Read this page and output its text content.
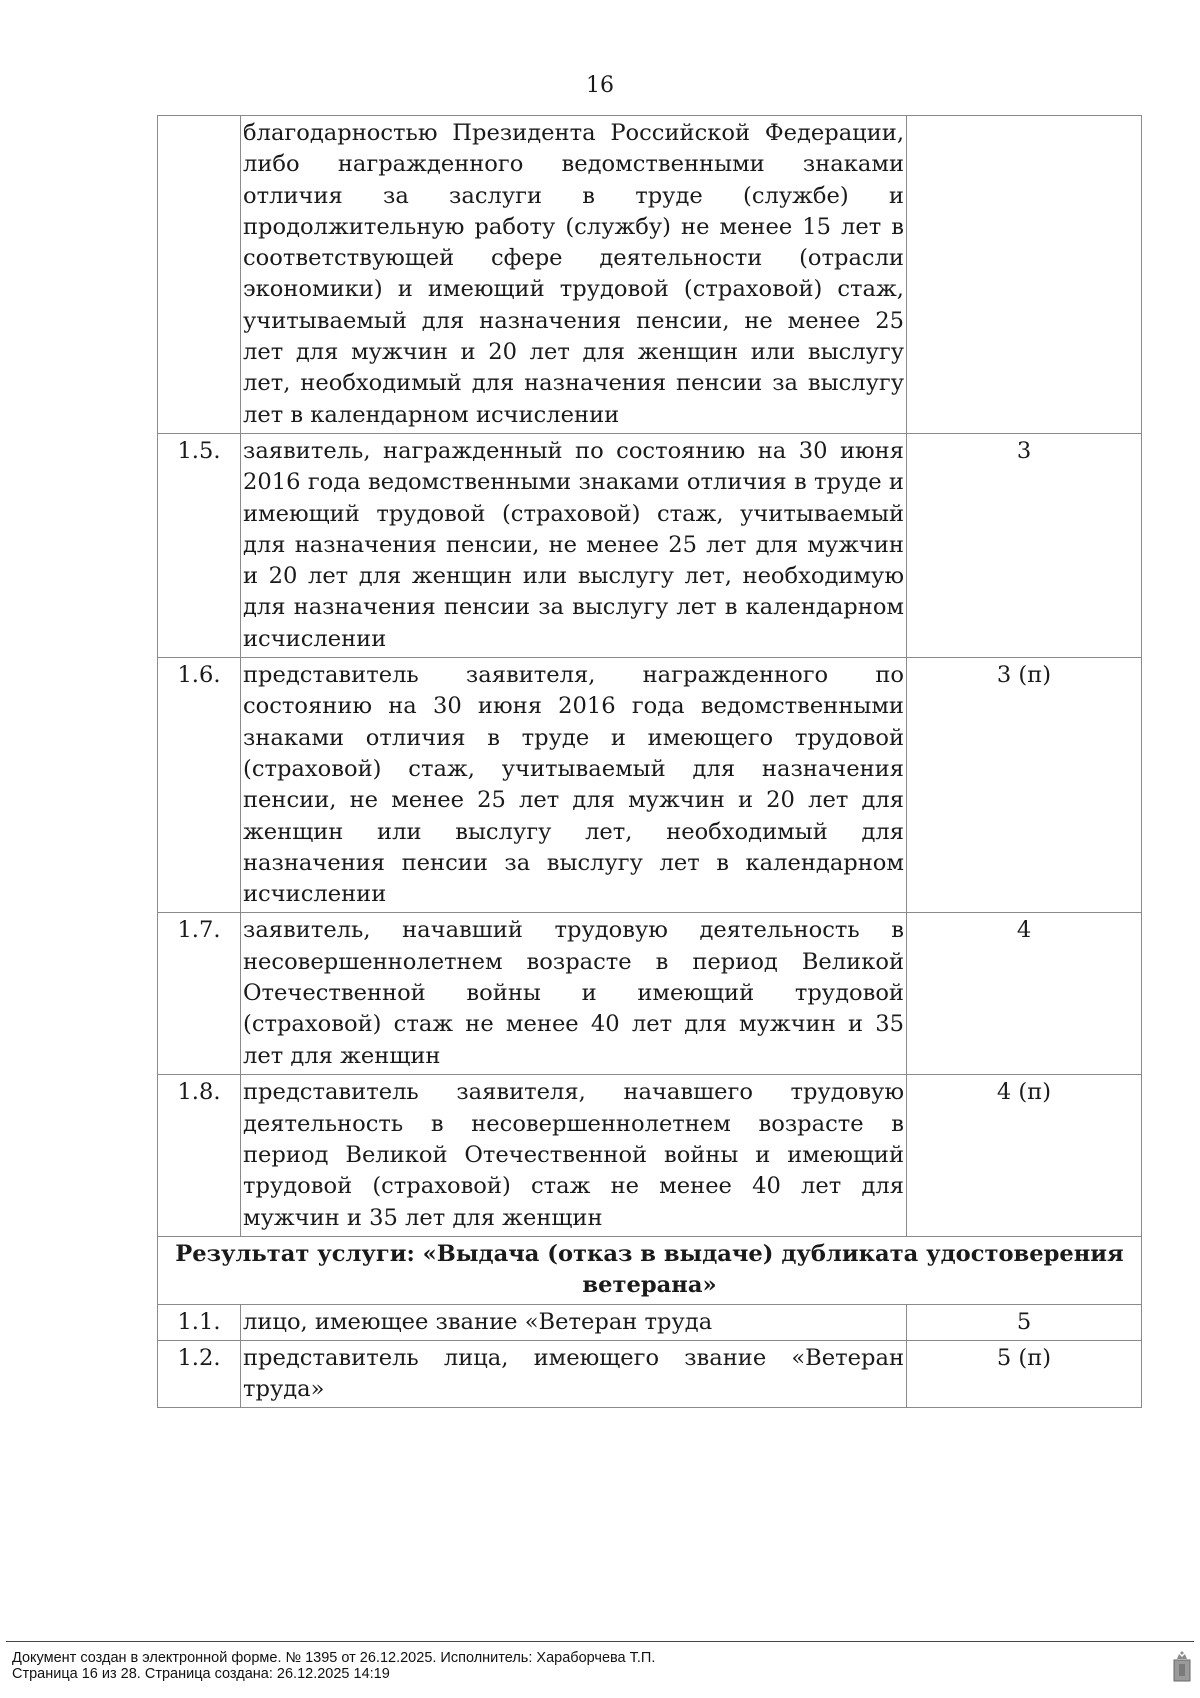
16
	благодарностью Президента Российской Федерации, либо награжденного ведомственными знаками отличия за заслуги в труде (службе) и продолжительную работу (службу) не менее 15 лет в соответствующей сфере деятельности (отрасли экономики) и имеющий трудовой (страховой) стаж, учитываемый для назначения пенсии, не менее 25 лет для мужчин и 20 лет для женщин или выслугу лет, необходимый для назначения пенсии за выслугу лет в календарном исчислении	
1.5.	заявитель, награжденный по состоянию на 30 июня 2016 года ведомственными знаками отличия в труде и имеющий трудовой (страховой) стаж, учитываемый для назначения пенсии, не менее 25 лет для мужчин и 20 лет для женщин или выслугу лет, необходимую для назначения пенсии за выслугу лет в календарном исчислении	3
1.6.	представитель заявителя, награжденного по состоянию на 30 июня 2016 года ведомственными знаками отличия в труде и имеющего трудовой (страховой) стаж, учитываемый для назначения пенсии, не менее 25 лет для мужчин и 20 лет для женщин или выслугу лет, необходимый для назначения пенсии за выслугу лет в календарном исчислении	3 (п)
1.7.	заявитель, начавший трудовую деятельность в несовершеннолетнем возрасте в период Великой Отечественной войны и имеющий трудовой (страховой) стаж не менее 40 лет для мужчин и 35 лет для женщин	4
1.8.	представитель заявителя, начавшего трудовую деятельность в несовершеннолетнем возрасте в период Великой Отечественной войны и имеющий трудовой (страховой) стаж не менее 40 лет для мужчин и 35 лет для женщин	4 (п)
Результат услуги: «Выдача (отказ в выдаче) дубликата удостоверения ветерана»		
1.1.	лицо, имеющее звание «Ветеран труда	5
1.2.	представитель лица, имеющего звание «Ветеран труда»	5 (п)
Документ создан в электронной форме. № 1395 от 26.12.2025. Исполнитель: Хараборчева Т.П.
Страница 16 из 28. Страница создана: 26.12.2025 14:19
